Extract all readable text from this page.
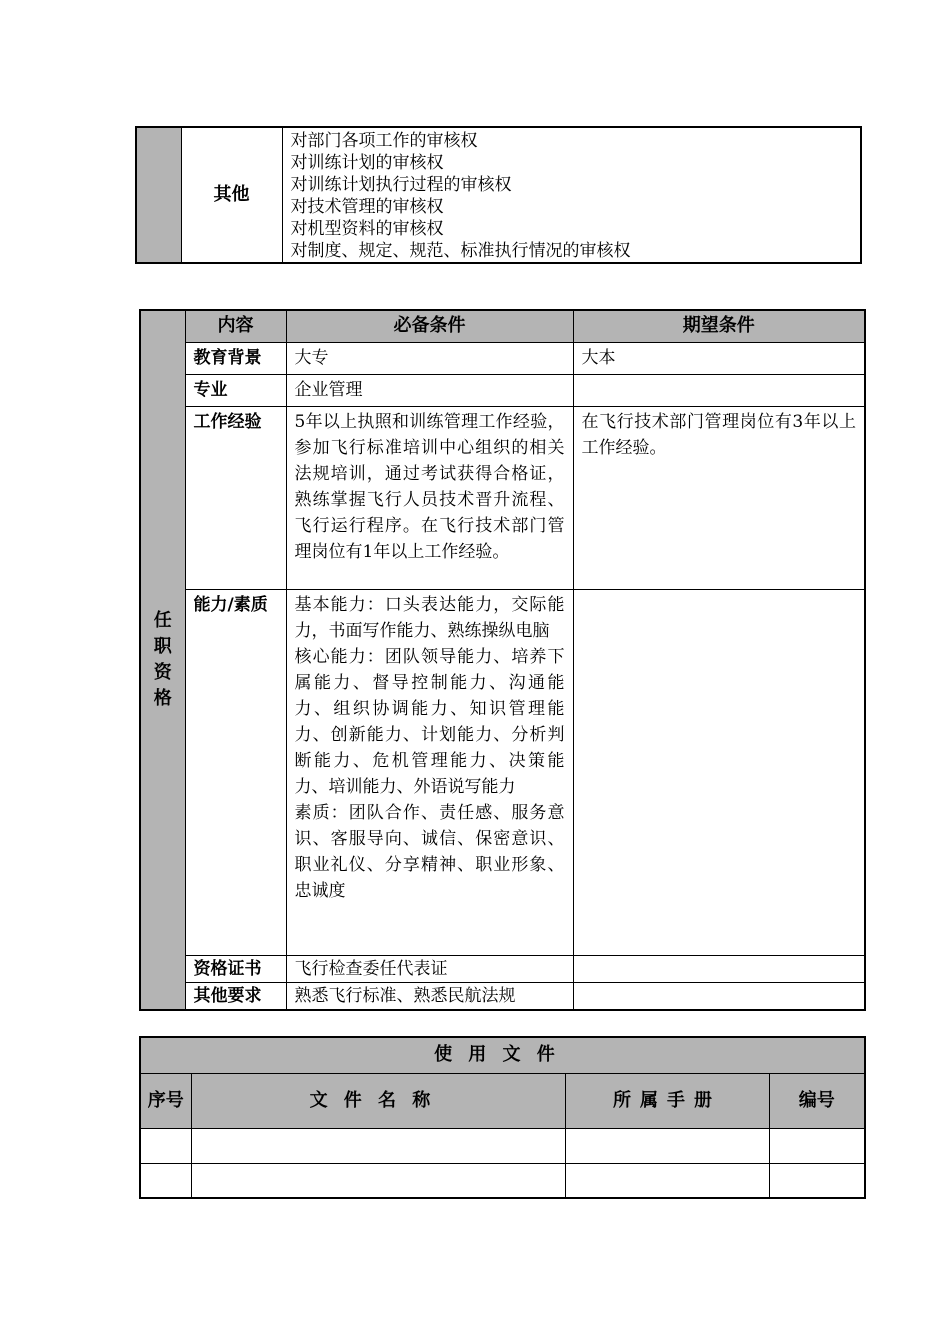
	其他	
对部门各项工作的审核权
对训练计划的审核权
对训练计划执行过程的审核权
对技术管理的审核权
对机型资料的审核权
对制度、规定、规范、标准执行情况的审核权
任
职
资
格	内容	必备条件	期望条件
	教育背景	大专	大本
	专业	企业管理	
	工作经验	5年以上执照和训练管理工作经验，参加飞行标准培训中心组织的相关法规培训，通过考试获得合格证，熟练掌握飞行人员技术晋升流程、飞行运行程序。在飞行技术部门管理岗位有1年以上工作经验。	在飞行技术部门管理岗位有3年以上工作经验。
	能力/素质	基本能力：口头表达能力，交际能力，书面写作能力、熟练操纵电脑
核心能力：团队领导能力、培养下属能力、督导控制能力、沟通能力、组织协调能力、知识管理能力、创新能力、计划能力、分析判断能力、危机管理能力、决策能力、培训能力、外语说写能力
素质：团队合作、责任感、服务意识、客服导向、诚信、保密意识、职业礼仪、分享精神、职业形象、忠诚度	

	资格证书	飞行检查委任代表证	
	其他要求	熟悉飞行标准、熟悉民航法规	
使用文件			
序号	文件名称	所属手册	编号
